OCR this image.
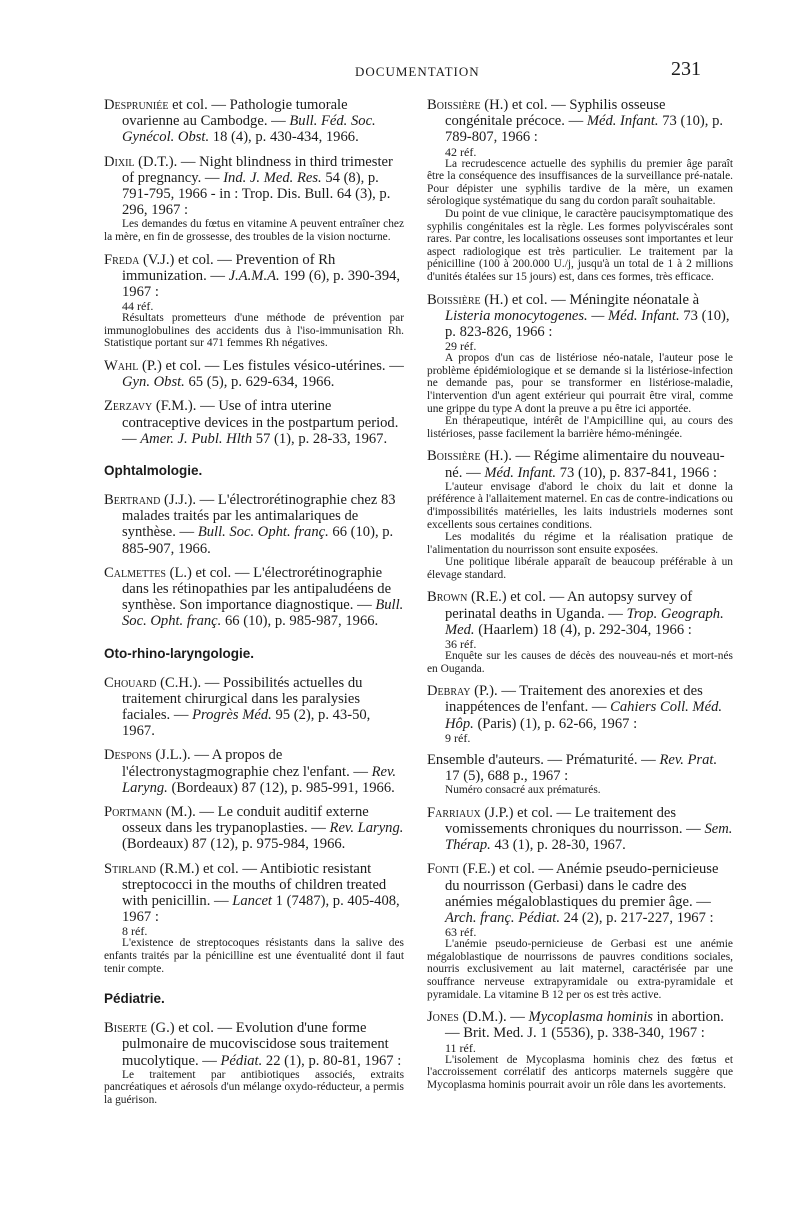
DOCUMENTATION	231
Despruniée et col. — Pathologie tumorale ovarienne au Cambodge. — Bull. Féd. Soc. Gynécol. Obst. 18 (4), p. 430-434, 1966.
Dixil (D.T.). — Night blindness in third trimester of pregnancy. — Ind. J. Med. Res. 54 (8), p. 791-795, 1966 - in : Trop. Dis. Bull. 64 (3), p. 296, 1967 :
Les demandes du fœtus en vitamine A peuvent entraîner chez la mère, en fin de grossesse, des troubles de la vision nocturne.
Freda (V.J.) et col. — Prevention of Rh immunization. — J.A.M.A. 199 (6), p. 390-394, 1967 :
44 réf.
Résultats prometteurs d'une méthode de prévention par immunoglobulines des accidents dus à l'iso-immunisation Rh. Statistique portant sur 471 femmes Rh négatives.
Wahl (P.) et col. — Les fistules vésico-utérines. — Gyn. Obst. 65 (5), p. 629-634, 1966.
Zerzavy (F.M.). — Use of intra uterine contraceptive devices in the postpartum period. — Amer. J. Publ. Hlth 57 (1), p. 28-33, 1967.
Ophtalmologie.
Bertrand (J.J.). — L'électrorétinographie chez 83 malades traités par les antimalariques de synthèse. — Bull. Soc. Opht. franç. 66 (10), p. 885-907, 1966.
Calmettes (L.) et col. — L'électrorétinographie dans les rétinopathies par les antipaludéens de synthèse. Son importance diagnostique. — Bull. Soc. Opht. franç. 66 (10), p. 985-987, 1966.
Oto-rhino-laryngologie.
Chouard (C.H.). — Possibilités actuelles du traitement chirurgical dans les paralysies faciales. — Progrès Méd. 95 (2), p. 43-50, 1967.
Despons (J.L.). — A propos de l'électronystagmographie chez l'enfant. — Rev. Laryng. (Bordeaux) 87 (12), p. 985-991, 1966.
Portmann (M.). — Le conduit auditif externe osseux dans les trypanoplasties. — Rev. Laryng. (Bordeaux) 87 (12), p. 975-984, 1966.
Stirland (R.M.) et col. — Antibiotic resistant streptococci in the mouths of children treated with penicillin. — Lancet 1 (7487), p. 405-408, 1967 :
8 réf.
L'existence de streptocoques résistants dans la salive des enfants traités par la pénicilline est une éventualité dont il faut tenir compte.
Pédiatrie.
Biserte (G.) et col. — Evolution d'une forme pulmonaire de mucoviscidose sous traitement mucolytique. — Pédiat. 22 (1), p. 80-81, 1967 :
Le traitement par antibiotiques associés, extraits pancréatiques et aérosols d'un mélange oxydo-réducteur, a permis la guérison.
Boissière (H.) et col. — Syphilis osseuse congénitale précoce. — Méd. Infant. 73 (10), p. 789-807, 1966 :
42 réf.
La recrudescence actuelle des syphilis du premier âge paraît être la conséquence des insuffisances de la surveillance pré-natale. Pour dépister une syphilis tardive de la mère, un examen sérologique systématique du sang du cordon paraît souhaitable.
Du point de vue clinique, le caractère paucisymptomatique des syphilis congénitales est la règle. Les formes polyviscérales sont rares. Par contre, les localisations osseuses sont importantes et leur aspect radiologique est très particulier. Le traitement par la pénicilline (100 à 200.000 U./j, jusqu'à un total de 1 à 2 millions d'unités étalées sur 15 jours) est, dans ces formes, très efficace.
Boissière (H.) et col. — Méningite néonatale à Listeria monocytogenes. — Méd. Infant. 73 (10), p. 823-826, 1966 :
29 réf.
A propos d'un cas de listériose néo-natale, l'auteur pose le problème épidémiologique et se demande si la listériose-infection ne demande pas, pour se transformer en listériose-maladie, l'intervention d'un agent extérieur qui pourrait être viral, comme une grippe du type A dont la preuve a pu être ici apportée.
En thérapeutique, intérêt de l'Ampicilline qui, au cours des listérioses, passe facilement la barrière hémo-méningée.
Boissière (H.). — Régime alimentaire du nouveau-né. — Méd. Infant. 73 (10), p. 837-841, 1966 :
L'auteur envisage d'abord le choix du lait et donne la préférence à l'allaitement maternel. En cas de contre-indications ou d'impossibilités matérielles, les laits industriels modernes sont excellents sous certaines conditions.
Les modalités du régime et la réalisation pratique de l'alimentation du nourrisson sont ensuite exposées.
Une politique libérale apparaît de beaucoup préférable à un élevage standard.
Brown (R.E.) et col. — An autopsy survey of perinatal deaths in Uganda. — Trop. Geograph. Med. (Haarlem) 18 (4), p. 292-304, 1966 :
36 réf.
Enquête sur les causes de décès des nouveau-nés et mort-nés en Ouganda.
Debray (P.). — Traitement des anorexies et des inappétences de l'enfant. — Cahiers Coll. Méd. Hôp. (Paris) (1), p. 62-66, 1967 :
9 réf.
Ensemble d'auteurs. — Prématurité. — Rev. Prat. 17 (5), 688 p., 1967 :
Numéro consacré aux prématurés.
Farriaux (J.P.) et col. — Le traitement des vomissements chroniques du nourrisson. — Sem. Thérap. 43 (1), p. 28-30, 1967.
Fonti (F.E.) et col. — Anémie pseudo-pernicieuse du nourrisson (Gerbasi) dans le cadre des anémies mégaloblastiques du premier âge. — Arch. franç. Pédiat. 24 (2), p. 217-227, 1967 :
63 réf.
L'anémie pseudo-pernicieuse de Gerbasi est une anémie mégaloblastique de nourrissons de pauvres conditions sociales, nourris exclusivement au lait maternel, caractérisée par une souffrance nerveuse extrapyramidale ou extra-pyramidale et pyramidale. La vitamine B 12 per os est très active.
Jones (D.M.). — Mycoplasma hominis in abortion. — Brit. Med. J. 1 (5536), p. 338-340, 1967 :
11 réf.
L'isolement de Mycoplasma hominis chez des fœtus et l'accroissement corrélatif des anticorps maternels suggère que Mycoplasma hominis pourrait avoir un rôle dans les avortements.
